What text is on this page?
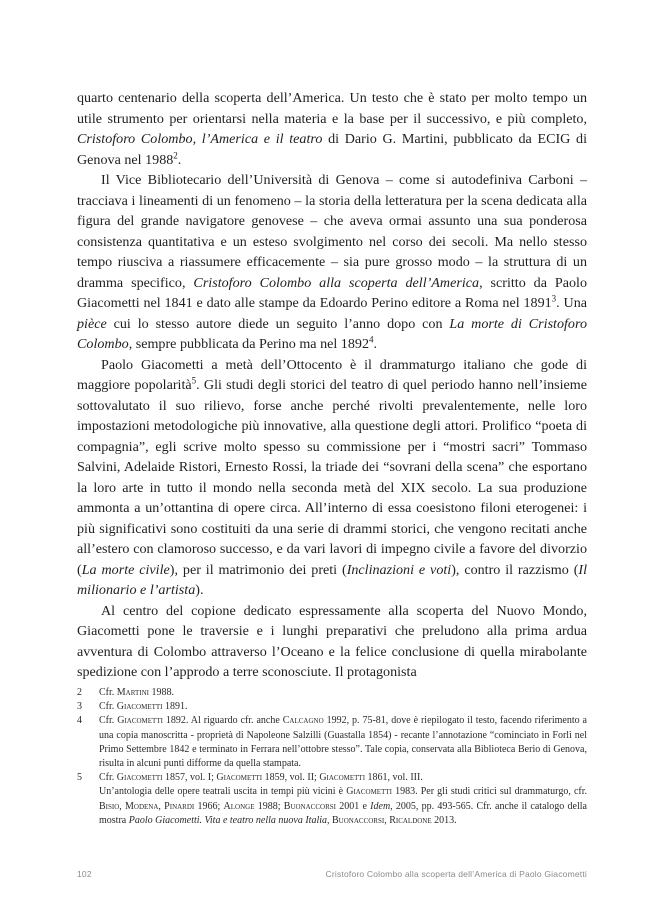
quarto centenario della scoperta dell’America. Un testo che è stato per molto tempo un utile strumento per orientarsi nella materia e la base per il successivo, e più completo, Cristoforo Colombo, l’America e il teatro di Dario G. Martini, pubblicato da ECIG di Genova nel 1988$^2$.

Il Vice Bibliotecario dell’Università di Genova – come si autodefiniva Carboni – tracciava i lineamenti di un fenomeno – la storia della letteratura per la scena dedicata alla figura del grande navigatore genovese – che aveva ormai assunto una sua ponderosa consistenza quantitativa e un esteso svolgimento nel corso dei secoli. Ma nello stesso tempo riusciva a riassumere efficacemente – sia pure grosso modo – la struttura di un dramma specifico, Cristoforo Colombo alla scoperta dell’America, scritto da Paolo Giacometti nel 1841 e dato alle stampe da Edoardo Perino editore a Roma nel 1891$^3$. Una pièce cui lo stesso autore diede un seguito l’anno dopo con La morte di Cristoforo Colombo, sempre pubblicata da Perino ma nel 1892$^4$.

Paolo Giacometti a metà dell’Ottocento è il drammaturgo italiano che gode di maggiore popolarità$^5$. Gli studi degli storici del teatro di quel periodo hanno nell’insieme sottovalutato il suo rilievo, forse anche perché rivolti prevalentemente, nelle loro impostazioni metodologiche più innovative, alla questione degli attori. Prolifico “poeta di compagnia”, egli scrive molto spesso su commissione per i “mostri sacri” Tommaso Salvini, Adelaide Ristori, Ernesto Rossi, la triade dei “sovrani della scena” che esportano la loro arte in tutto il mondo nella seconda metà del XIX secolo. La sua produzione ammonta a un’ottantina di opere circa. All’interno di essa coesistono filoni eterogenei: i più significativi sono costituiti da una serie di drammi storici, che vengono recitati anche all’estero con clamoroso successo, e da vari lavori di impegno civile a favore del divorzio (La morte civile), per il matrimonio dei preti (Inclinazioni e voti), contro il razzismo (Il milionario e l’artista).

Al centro del copione dedicato espressamente alla scoperta del Nuovo Mondo, Giacometti pone le traversie e i lunghi preparativi che preludono alla prima ardua avventura di Colombo attraverso l’Oceano e la felice conclusione di quella mirabolante spedizione con l’approdo a terre sconosciute. Il protagonista

2	Cfr. Martini 1988.
3	Cfr. Giacometti 1891.
4	Cfr. Giacometti 1892. Al riguardo cfr. anche Calcagno 1992, p. 75-81, dove è riepilogato il testo, facendo riferimento a una copia manoscritta - proprietà di Napoleone Salzilli (Guastalla 1854) - recante l’annotazione “cominciato in Forlì nel Primo Settembre 1842 e terminato in Ferrara nell’ottobre stesso”. Tale copia, conservata alla Biblioteca Berio di Genova, risulta in alcuni punti difforme da quella stampata.
5	Cfr. Giacometti 1857, vol. I; Giacometti 1859, vol. II; Giacometti 1861, vol. III.
Un’antologia delle opere teatrali uscita in tempi più vicini è Giacometti 1983. Per gli studi critici sul drammaturgo, cfr. Bisio, Modena, Pinardi 1966; Alonge 1988; Buonaccorsi 2001 e Idem, 2005, pp. 493-565. Cfr. anche il catalogo della mostra Paolo Giacometti. Vita e teatro nella nuova Italia, Buonaccorsi, Ricaldone 2013.
102	Cristoforo Colombo alla scoperta dell’America di Paolo Giacometti
